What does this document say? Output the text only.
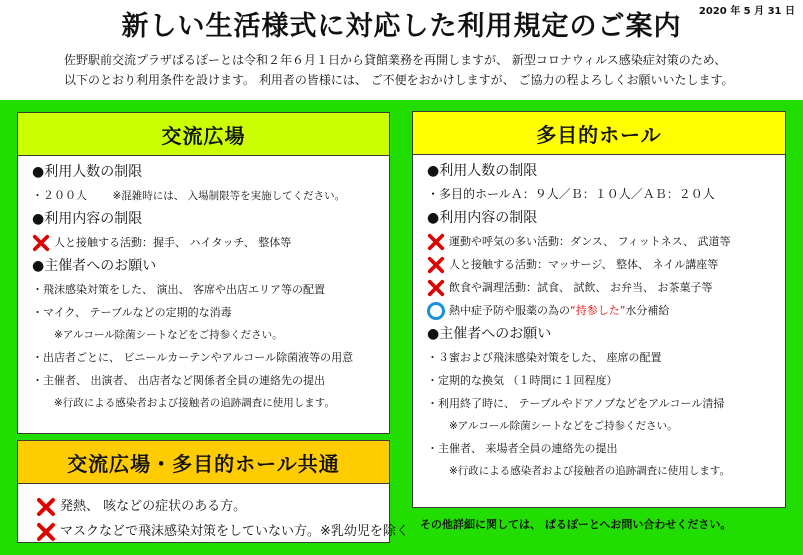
2020 年 5 月 31 日
新しい生活様式に対応した利用規定のご案内
佐野駅前交流プラザぱるぽーとは令和２年６月１日から貸館業務を再開しますが、 新型コロナウィルス感染症対策のため、
以下のとおり利用条件を設けます。 利用者の皆様には、 ご不便をおかけしますが、 ご協力の程よろしくお願いいたします。
交流広場
●利用人数の制限
・２００人 ※混雑時には、 入場制限等を実施してください。
●利用内容の制限
人と接触する活動：握手、 ハイタッチ、 整体等
●主催者へのお願い
・飛沫感染対策をした、 演出、 客席や出店エリア等の配置
・マイク、 テーブルなどの定期的な消毒
※アルコール除菌シートなどをご持参ください。
・出店者ごとに、 ビニールカーテンやアルコール除菌液等の用意
・主催者、 出演者、 出店者など関係者全員の連絡先の提出
※行政による感染者および接触者の追跡調査に使用します。
交流広場・多目的ホール共通
発熱、 咳などの症状のある方。
マスクなどで飛沫感染対策をしていない方。※乳幼児を除く
多目的ホール
●利用人数の制限
・多目的ホールＡ：９人／Ｂ：１０人／ＡＢ：２０人
●利用内容の制限
運動や呼気の多い活動：ダンス、 フィットネス、 武道等
人と接触する活動：マッサージ、 整体、 ネイル講座等
飲食や調理活動：試食、 試飲、 お弁当、 お茶菓子等
熱中症予防や服薬の為の “持参した” 水分補給
●主催者へのお願い
・３蜜および飛沫感染対策をした、 座席の配置
・定期的な換気 （１時間に１回程度）
・利用終了時に、 テーブルやドアノブなどをアルコール清掃
※アルコール除菌シートなどをご持参ください。
・主催者、 来場者全員の連絡先の提出
※行政による感染者および接触者の追跡調査に使用します。
その他詳細に関しては、 ぱるぽーとへお問い合わせください。
